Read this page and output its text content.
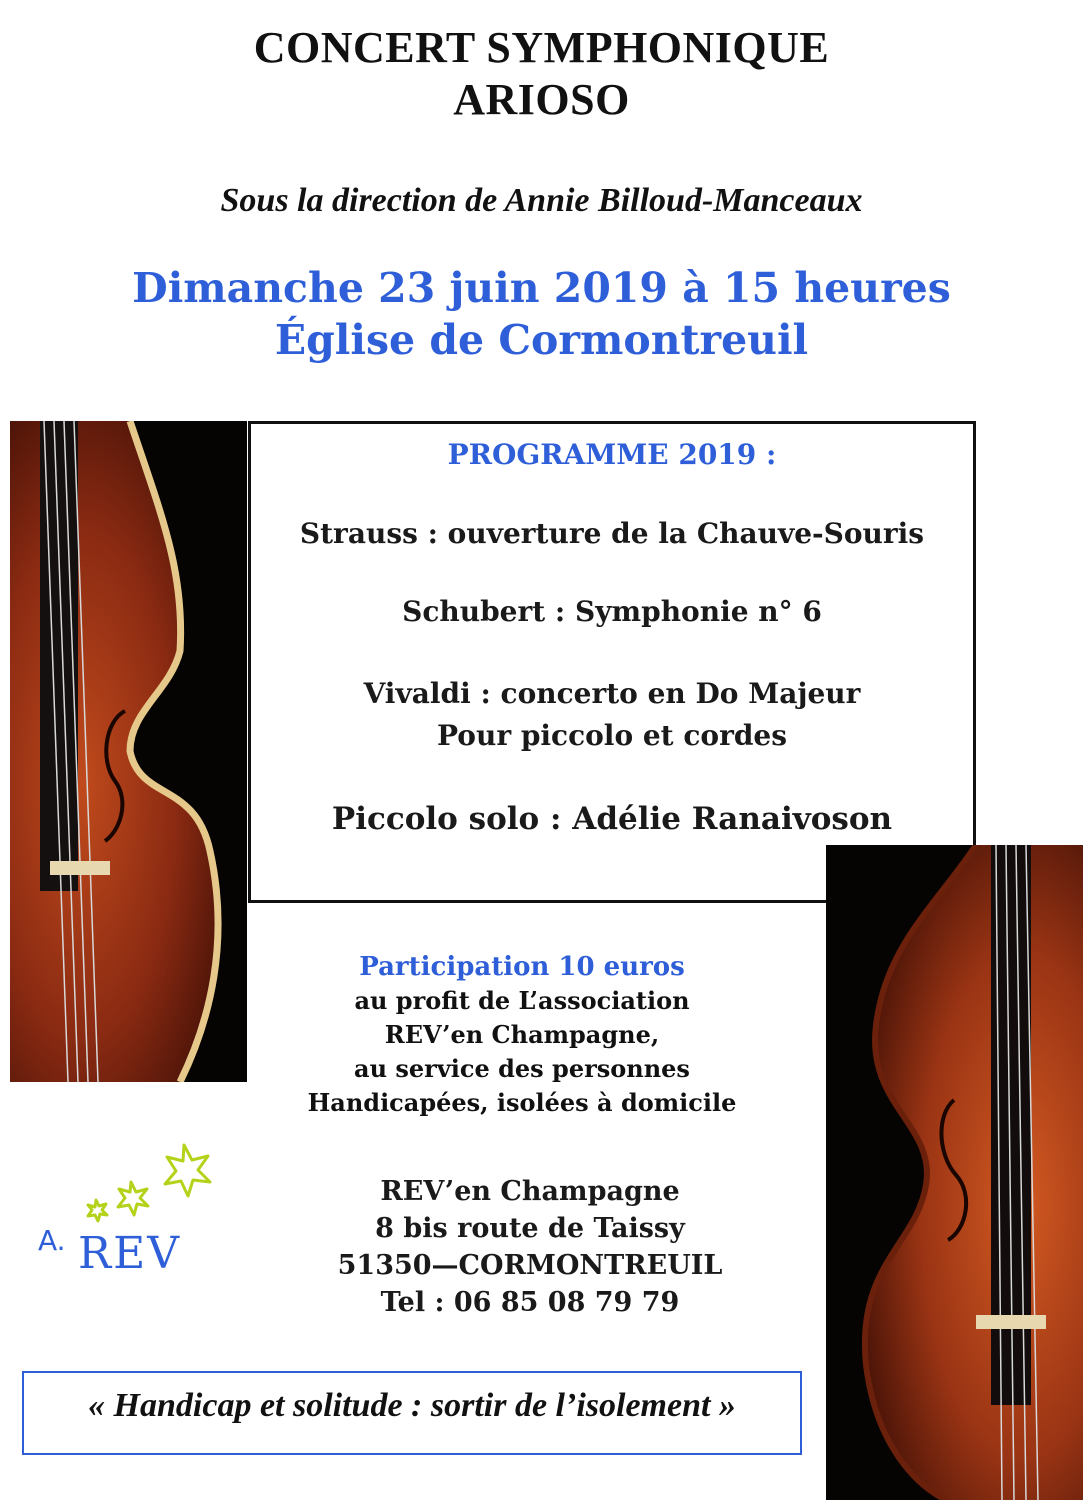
CONCERT SYMPHONIQUE
ARIOSO
Sous la direction de Annie Billoud-Manceaux
Dimanche 23 juin 2019 à 15 heures
Église de Cormontreuil
PROGRAMME 2019 :
Strauss : ouverture de la Chauve-Souris
Schubert : Symphonie n° 6
Vivaldi : concerto en Do Majeur
Pour piccolo et cordes
Piccolo solo : Adélie Ranaivoson
Participation 10 euros
au profit de L’association
REV’en Champagne,
au service des personnes
Handicapées, isolées à domicile
A. REV
REV’en Champagne
8 bis route de Taissy
51350—CORMONTREUIL
Tel : 06 85 08 79 79
« Handicap et solitude : sortir de l’isolement »
